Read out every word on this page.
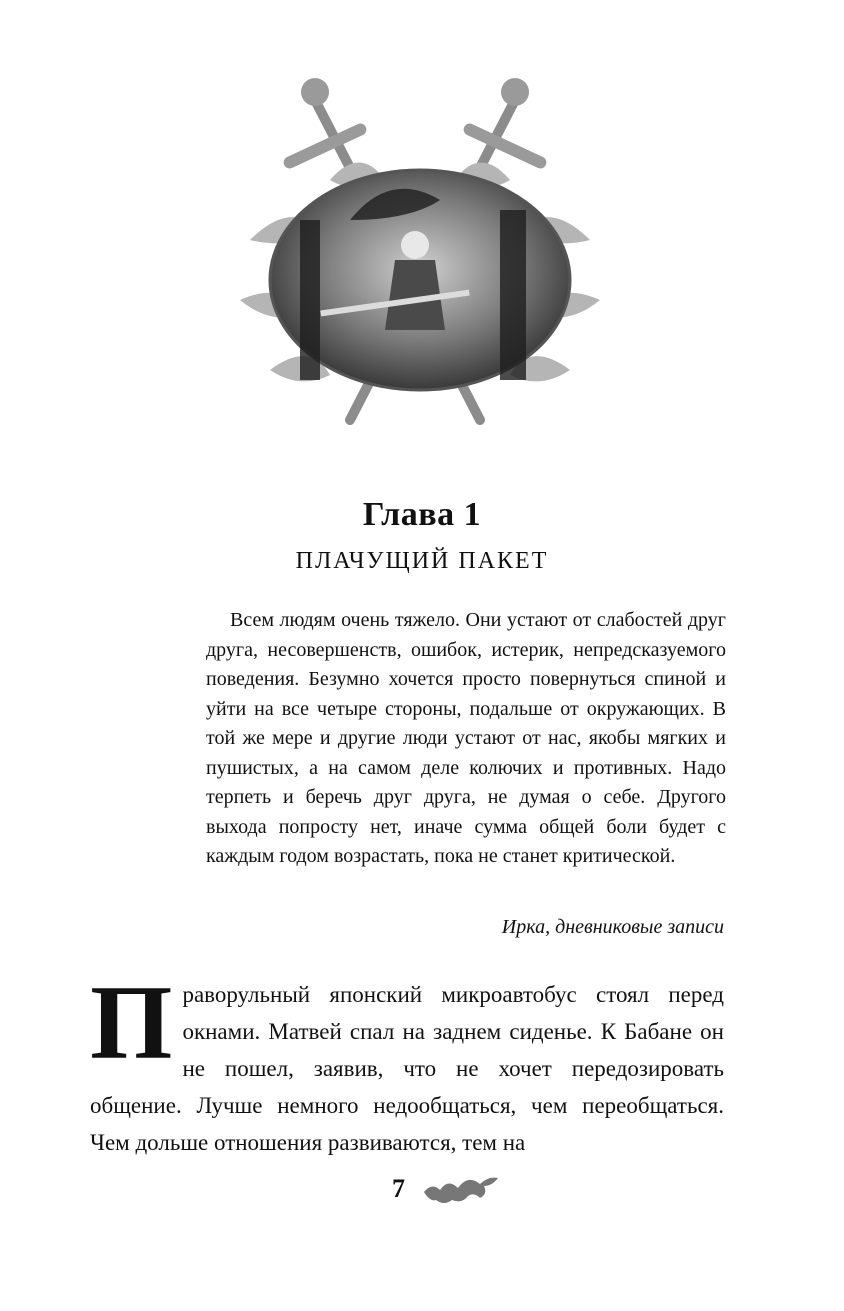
Глава 1
ПЛАЧУЩИЙ ПАКЕТ

Всем людям очень тяжело. Они устают от слабостей друг друга, несовершенств, ошибок, истерик, непредсказуемого поведения. Безумно хочется просто повернуться спиной и уйти на все четыре стороны, подальше от окружающих. В той же мере и другие люди устают от нас, якобы мягких и пушистых, а на самом деле колючих и противных. Надо терпеть и беречь друг друга, не думая о себе. Другого выхода попросту нет, иначе сумма общей боли будет с каждым годом возрастать, пока не станет критической.

Ирка, дневниковые записи
Праворульный японский микроавтобус стоял перед окнами. Матвей спал на заднем сиденье. К Бабане он не пошел, заявив, что не хочет передозировать общение. Лучше немного недообщаться, чем переобщаться. Чем дольше отношения развиваются, тем на
7
